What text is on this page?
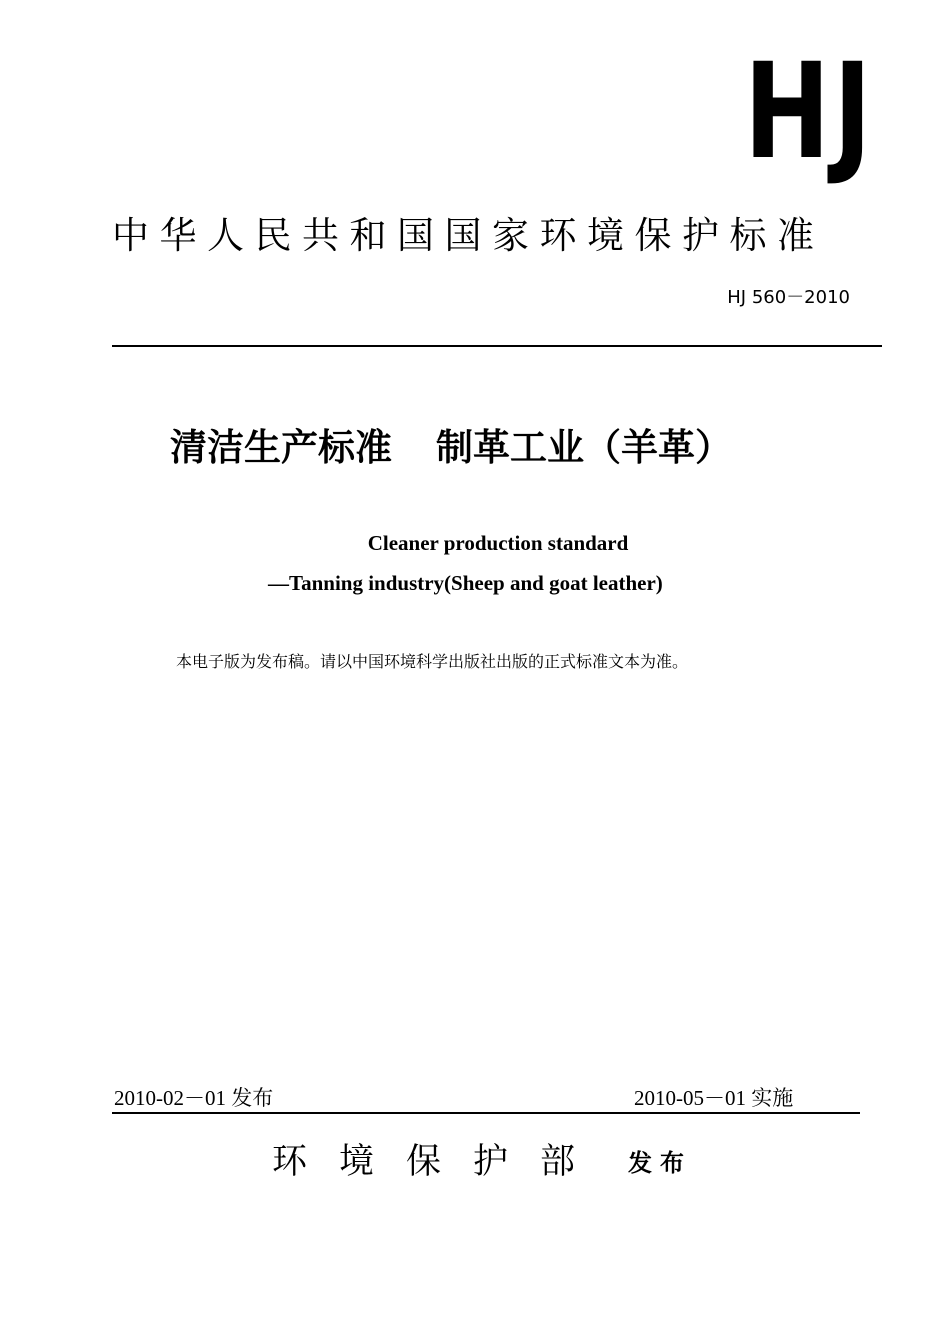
HJ
中华人民共和国国家环境保护标准
HJ 560－2010
清洁生产标准 制革工业（羊革）
Cleaner production standard
—Tanning industry(Sheep and goat leather)
本电子版为发布稿。请以中国环境科学出版社出版的正式标准文本为准。
2010-02－01 发布	2010-05－01 实施
环境保护部 发布
